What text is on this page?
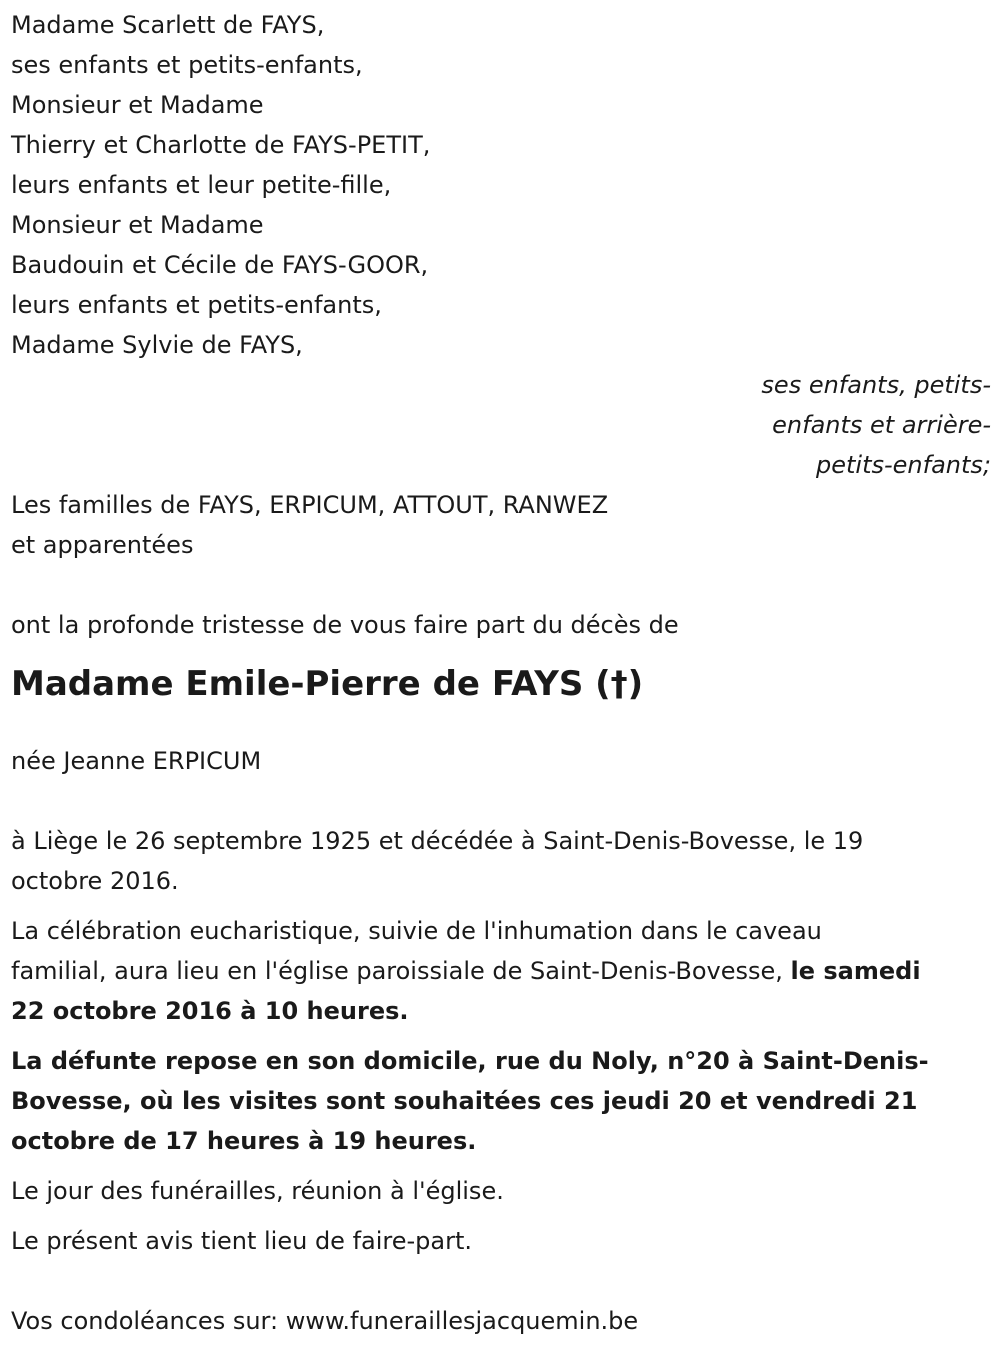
Madame Scarlett de FAYS,
ses enfants et petits-enfants,
Monsieur et Madame
Thierry et Charlotte de FAYS-PETIT,
leurs enfants et leur petite-fille,
Monsieur et Madame
Baudouin et Cécile de FAYS-GOOR,
leurs enfants et petits-enfants,
Madame Sylvie de FAYS,
ses enfants, petits-
enfants et arrière-
petits-enfants;
Les familles de FAYS, ERPICUM, ATTOUT, RANWEZ
et apparentées
ont la profonde tristesse de vous faire part du décès de
Madame Emile-Pierre de FAYS (†)
née Jeanne ERPICUM
à Liège le 26 septembre 1925 et décédée à Saint-Denis-Bovesse, le 19
octobre 2016.
La célébration eucharistique, suivie de l'inhumation dans le caveau
familial, aura lieu en l'église paroissiale de Saint-Denis-Bovesse, le samedi
22 octobre 2016 à 10 heures.
La défunte repose en son domicile, rue du Noly, n°20 à Saint-Denis-
Bovesse, où les visites sont souhaitées ces jeudi 20 et vendredi 21
octobre de 17 heures à 19 heures.
Le jour des funérailles, réunion à l'église.
Le présent avis tient lieu de faire-part.
Vos condoléances sur: www.funeraillesjacquemin.be
